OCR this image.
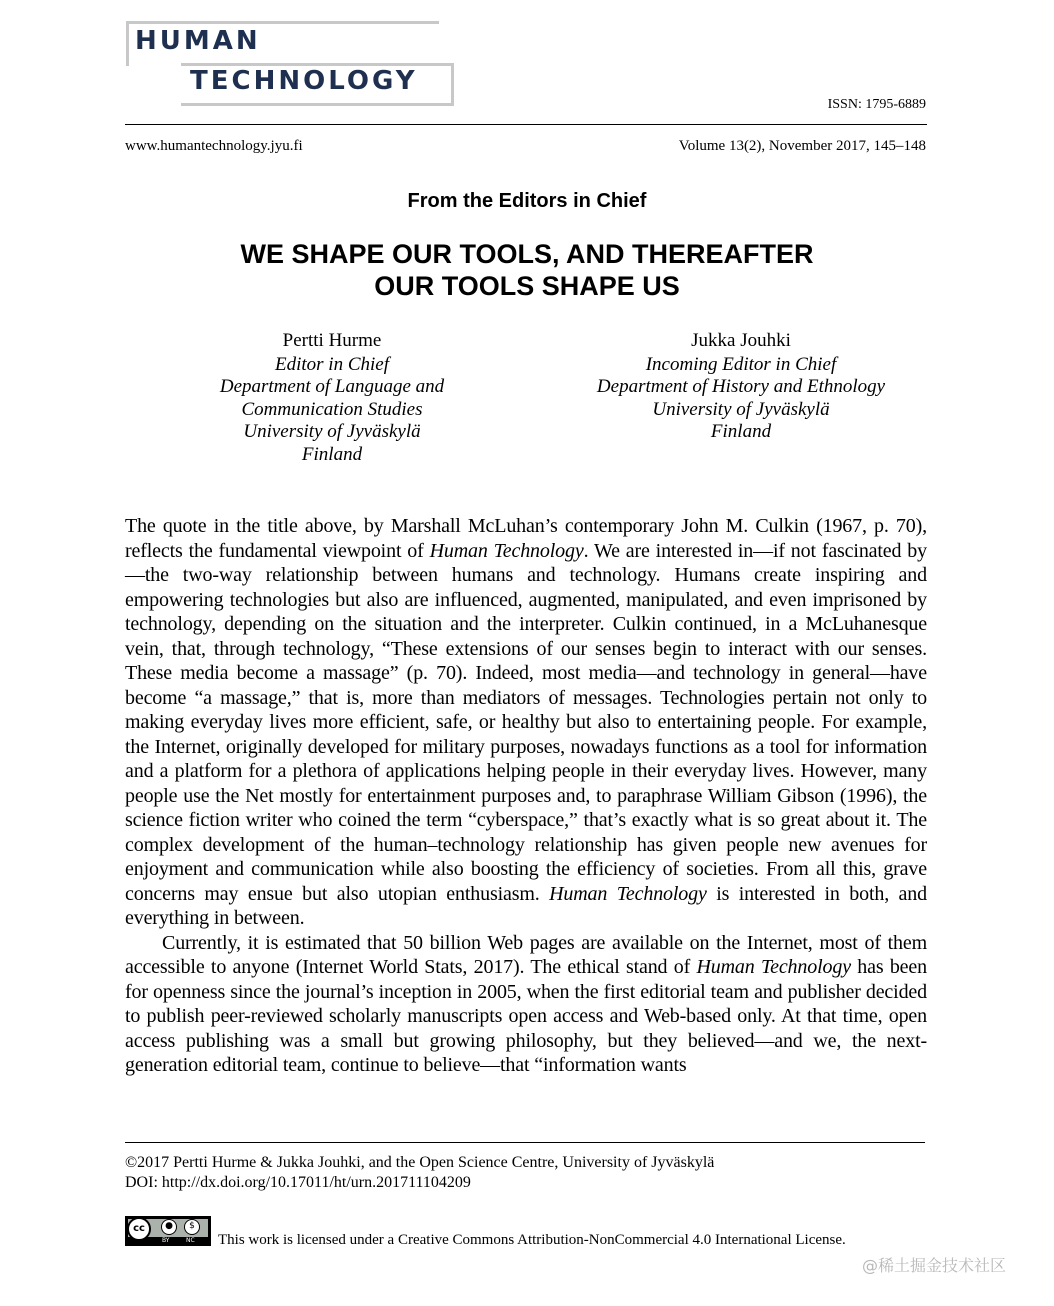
HUMAN
TECHNOLOGY
ISSN: 1795-6889
www.humantechnology.jyu.fi	Volume 13(2), November 2017, 145–148
From the Editors in Chief
WE SHAPE OUR TOOLS, AND THEREAFTER
OUR TOOLS SHAPE US
Pertti Hurme
Editor in Chief
Department of Language and
Communication Studies
University of Jyväskylä
Finland
Jukka Jouhki
Incoming Editor in Chief
Department of History and Ethnology
University of Jyväskylä
Finland

The quote in the title above, by Marshall McLuhan’s contemporary John M. Culkin (1967, p. 70), reflects the fundamental viewpoint of Human Technology. We are interested in—if not fascinated by—the two-way relationship between humans and technology. Humans create inspiring and empowering technologies but also are influenced, augmented, manipulated, and even imprisoned by technology, depending on the situation and the interpreter. Culkin continued, in a McLuhanesque vein, that, through technology, “These extensions of our senses begin to interact with our senses. These media become a massage” (p. 70). Indeed, most media—and technology in general—have become “a massage,” that is, more than mediators of messages. Technologies pertain not only to making everyday lives more efficient, safe, or healthy but also to entertaining people. For example, the Internet, originally developed for military purposes, nowadays functions as a tool for information and a platform for a plethora of applications helping people in their everyday lives. However, many people use the Net mostly for entertainment purposes and, to paraphrase William Gibson (1996), the science fiction writer who coined the term “cyberspace,” that’s exactly what is so great about it. The complex development of the human–technology relationship has given people new avenues for enjoyment and communication while also boosting the efficiency of societies. From all this, grave concerns may ensue but also utopian enthusiasm. Human Technology is interested in both, and everything in between.

Currently, it is estimated that 50 billion Web pages are available on the Internet, most of them accessible to anyone (Internet World Stats, 2017). The ethical stand of Human Technology has been for openness since the journal’s inception in 2005, when the first editorial team and publisher decided to publish peer-reviewed scholarly manuscripts open access and Web-based only. At that time, open access publishing was a small but growing philosophy, but they believed—and we, the next-generation editorial team, continue to believe—that “information wants

©2017 Pertti Hurme & Jukka Jouhki, and the Open Science Centre, University of Jyväskylä
DOI: http://dx.doi.org/10.17011/ht/urn.201711104209
cc	●	$
BY	NC This work is licensed under a Creative Commons Attribution-NonCommercial 4.0 International License.
@稀土掘金技术社区
